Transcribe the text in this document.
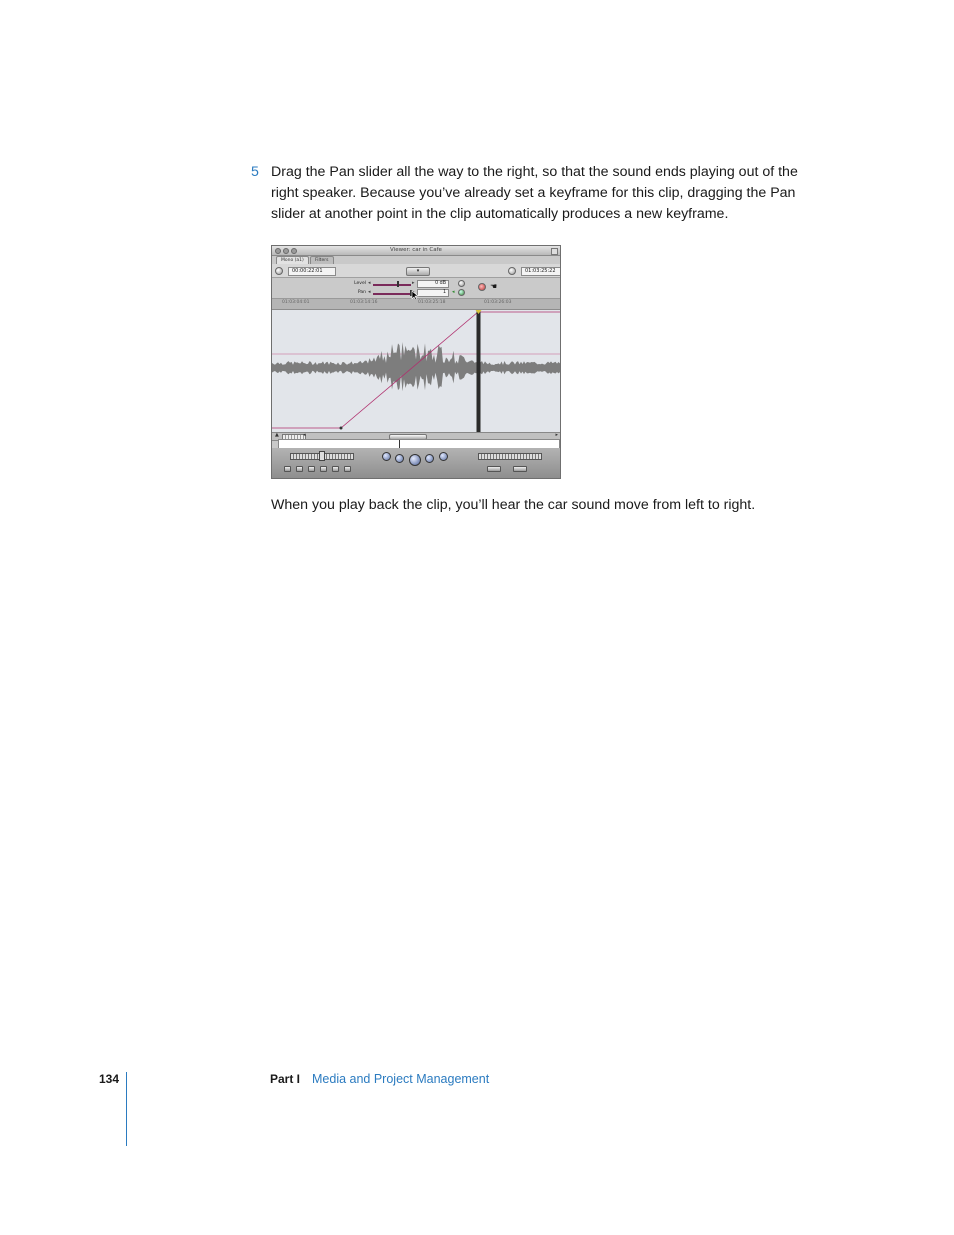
5 Drag the Pan slider all the way to the right, so that the sound ends playing out of the
right speaker. Because you’ve already set a keyframe for this clip, dragging the Pan
slider at another point in the clip automatically produces a new keyframe.
Viewer: car in Cafe
Mono (a1)	Filters
00:00:22:01	▾	01:03:25:22
Level ◂	▸	0 dB
Pan ◂	1	◂
☚
01:03:04:01	01:03:14:16	01:03:25:18	01:03:26:03
▲	◂	▸
When you play back the clip, you’ll hear the car sound move from left to right.
134	Part I Media and Project Management
